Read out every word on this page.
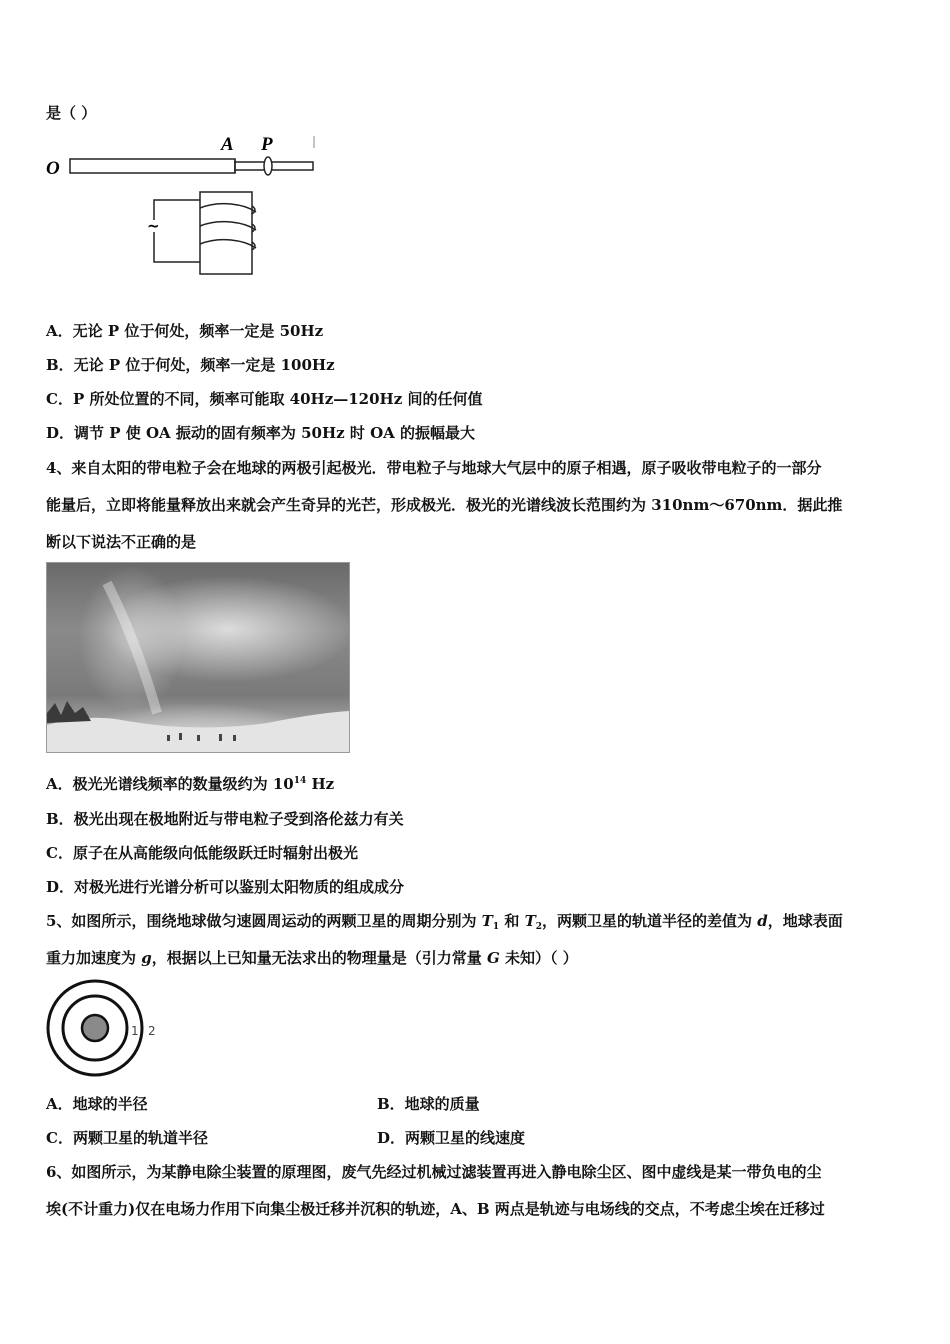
是（ ）
O
A P
~
A．无论 P 位于何处，频率一定是 50Hz
B．无论 P 位于何处，频率一定是 100Hz
C．P 所处位置的不同，频率可能取 40Hz—120Hz 间的任何值
D．调节 P 使 OA 振动的固有频率为 50Hz 时 OA 的振幅最大
4、来自太阳的带电粒子会在地球的两极引起极光．带电粒子与地球大气层中的原子相遇，原子吸收带电粒子的一部分
能量后，立即将能量释放出来就会产生奇异的光芒，形成极光．极光的光谱线波长范围约为 310nm～670nm．据此推
断以下说法不正确的是
A．极光光谱线频率的数量级约为 $10^{14}$ Hz
B．极光出现在极地附近与带电粒子受到洛伦兹力有关
C．原子在从高能级向低能级跃迁时辐射出极光
D．对极光进行光谱分析可以鉴别太阳物质的组成成分
5、如图所示，围绕地球做匀速圆周运动的两颗卫星的周期分别为 $T_1$ 和 $T_2$，两颗卫星的轨道半径的差值为 d，地球表面
重力加速度为 g，根据以上已知量无法求出的物理量是（引力常量 G 未知）（ ）
1 2
A．地球的半径	B．地球的质量
C．两颗卫星的轨道半径	D．两颗卫星的线速度
6、如图所示，为某静电除尘装置的原理图，废气先经过机械过滤装置再进入静电除尘区、图中虚线是某一带负电的尘
埃(不计重力)仅在电场力作用下向集尘极迁移并沉积的轨迹，A、B 两点是轨迹与电场线的交点，不考虑尘埃在迁移过
